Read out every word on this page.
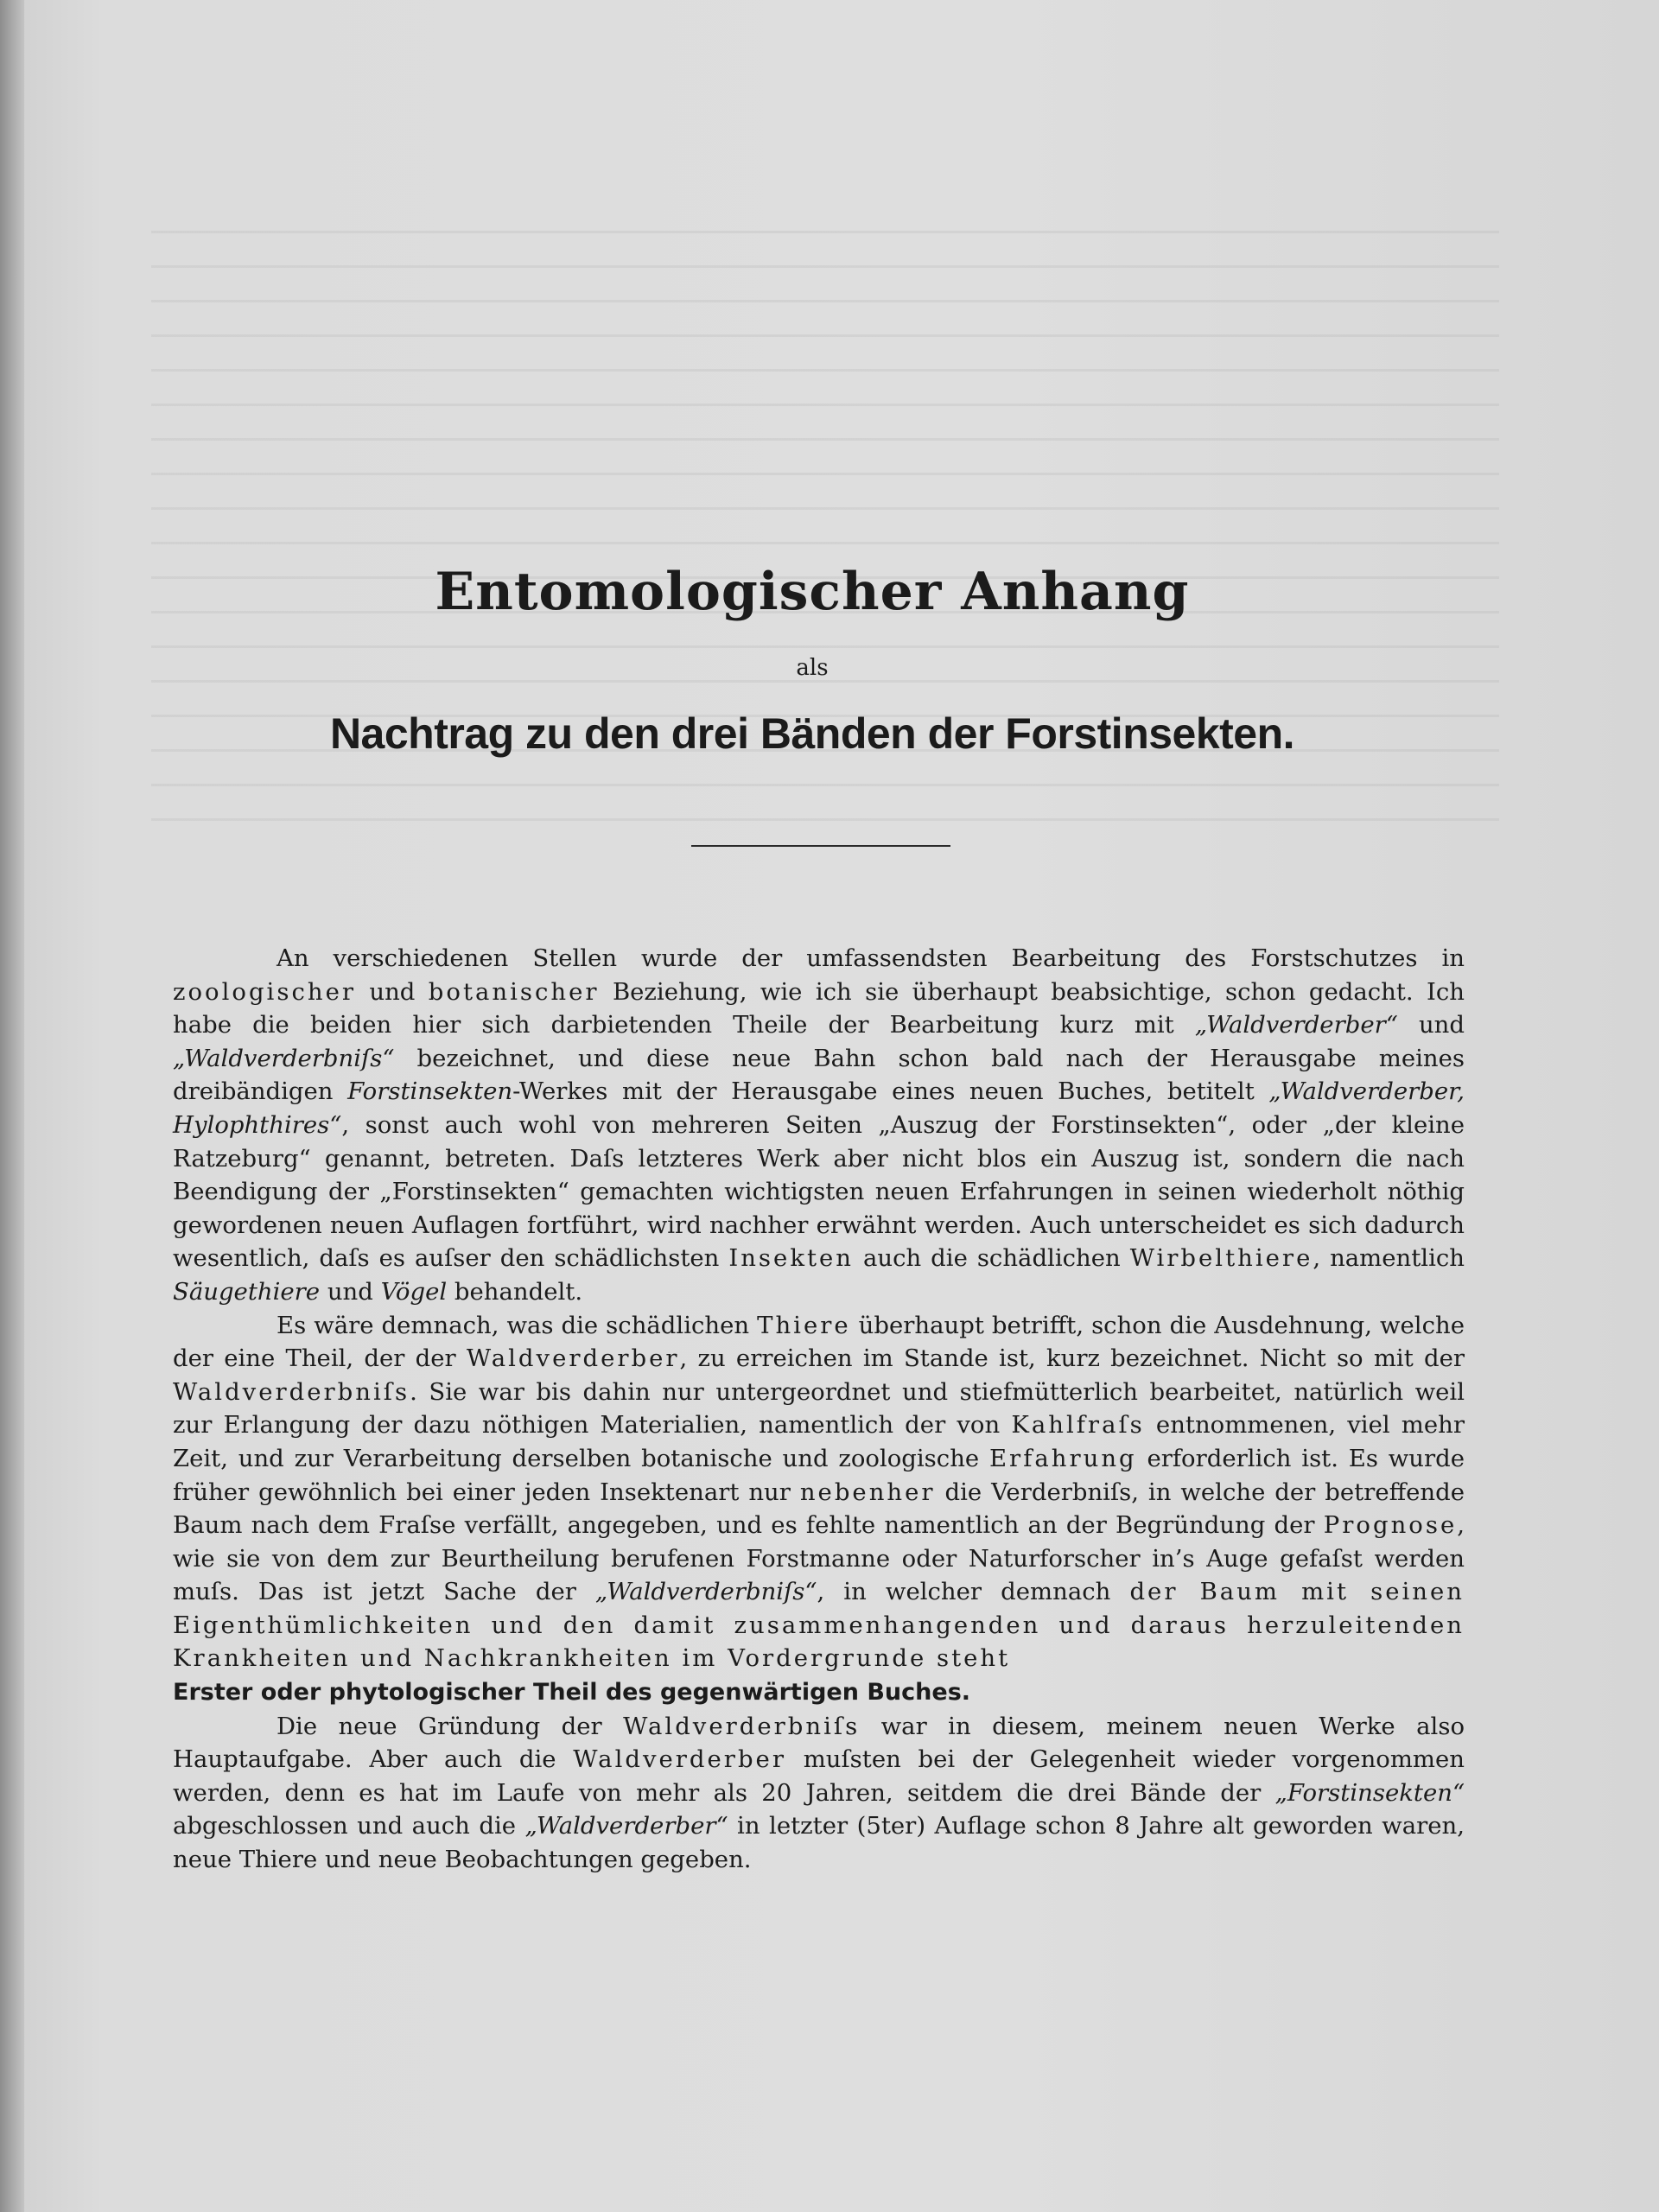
Entomologischer Anhang
als
Nachtrag zu den drei Bänden der Forstinsekten.

An verschiedenen Stellen wurde der umfassendsten Bearbeitung des Forstschutzes in zoologischer und botanischer Beziehung, wie ich sie überhaupt beabsichtige, schon gedacht. Ich habe die beiden hier sich darbietenden Theile der Bearbeitung kurz mit „Waldverderber“ und „Waldverderbniſs“ bezeichnet, und diese neue Bahn schon bald nach der Herausgabe meines dreibändigen Forstinsekten-Werkes mit der Herausgabe eines neuen Buches, betitelt „Waldverderber, Hylophthires“, sonst auch wohl von mehreren Seiten „Auszug der Forstinsekten“, oder „der kleine Ratzeburg“ genannt, betreten. Daſs letzteres Werk aber nicht blos ein Auszug ist, sondern die nach Beendigung der „Forstinsekten“ gemachten wichtigsten neuen Erfahrungen in seinen wiederholt nöthig gewordenen neuen Auflagen fortführt, wird nachher erwähnt werden. Auch unterscheidet es sich dadurch wesentlich, daſs es auſser den schädlichsten Insekten auch die schädlichen Wirbelthiere, namentlich Säugethiere und Vögel behandelt.

Es wäre demnach, was die schädlichen Thiere überhaupt betrifft, schon die Ausdehnung, welche der eine Theil, der der Waldverderber, zu erreichen im Stande ist, kurz bezeichnet. Nicht so mit der Waldverderbniſs. Sie war bis dahin nur untergeordnet und stiefmütterlich bearbeitet, natürlich weil zur Erlangung der dazu nöthigen Materialien, namentlich der von Kahlfraſs entnommenen, viel mehr Zeit, und zur Verarbeitung derselben botanische und zoologische Erfahrung erforderlich ist. Es wurde früher gewöhnlich bei einer jeden Insektenart nur nebenher die Verderbniſs, in welche der betreffende Baum nach dem Fraſse verfällt, angegeben, und es fehlte namentlich an der Begründung der Prognose, wie sie von dem zur Beurtheilung berufenen Forstmanne oder Naturforscher in’s Auge gefaſst werden muſs. Das ist jetzt Sache der „Waldverderbniſs“, in welcher demnach der Baum mit seinen Eigenthümlichkeiten und den damit zusammenhangenden und daraus herzuleitenden Krankheiten und Nachkrankheiten im Vordergrunde steht
Erster oder phytologischer Theil des gegenwärtigen Buches.

Die neue Gründung der Waldverderbniſs war in diesem, meinem neuen Werke also Hauptaufgabe. Aber auch die Waldverderber muſsten bei der Gelegenheit wieder vorgenommen werden, denn es hat im Laufe von mehr als 20 Jahren, seitdem die drei Bände der „Forstinsekten“ abgeschlossen und auch die „Waldverderber“ in letzter (5ter) Auflage schon 8 Jahre alt geworden waren, neue Thiere und neue Beobachtungen gegeben.
